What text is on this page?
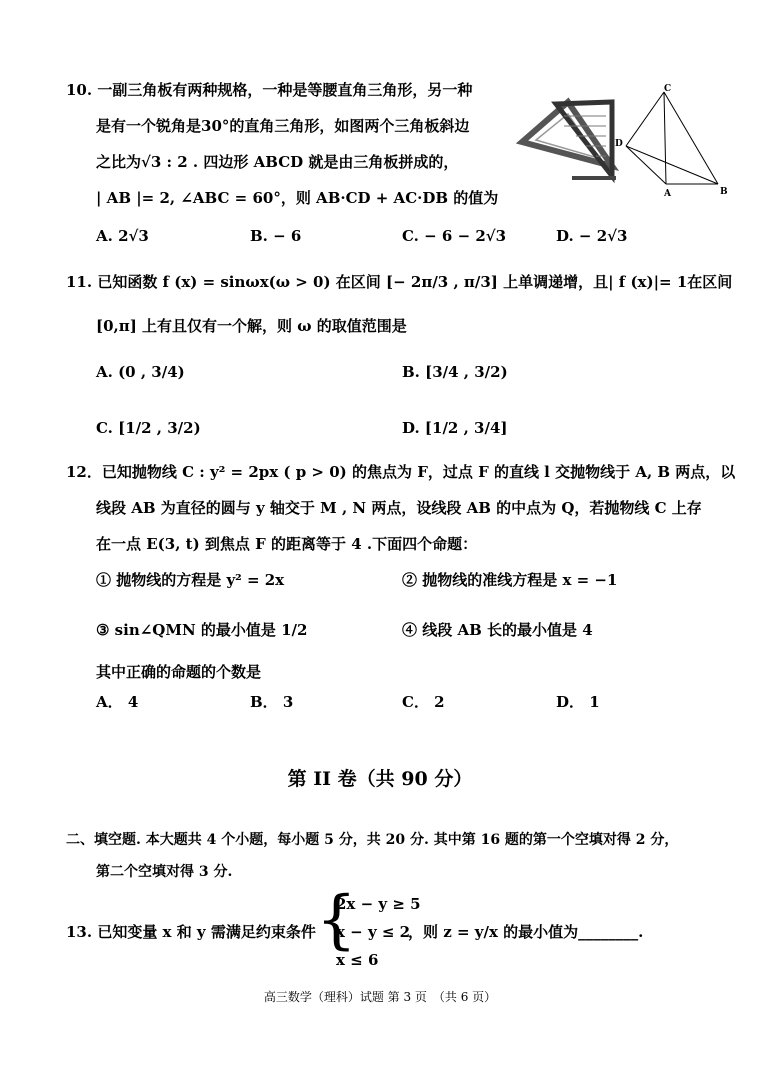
10. 一副三角板有两种规格，一种是等腰直角三角形，另一种
是有一个锐角是30°的直角三角形，如图两个三角板斜边
之比为√3 : 2 . 四边形 ABCD 就是由三角板拼成的，
| AB |= 2, ∠ABC = 60°，则 AB·CD + AC·DB 的值为
A. 2√3	B. − 6	C. − 6 − 2√3	D. − 2√3
C
D
A	B
11. 已知函数 f (x) = sinωx(ω > 0) 在区间 [− 2π/3 , π/3] 上单调递增，且| f (x)|= 1在区间
[0,π] 上有且仅有一个解，则 ω 的取值范围是
A. (0 , 3/4)	B. [3/4 , 3/2)
C. [1/2 , 3/2)	D. [1/2 , 3/4]
12．已知抛物线 C : y² = 2px ( p > 0) 的焦点为 F，过点 F 的直线 l 交抛物线于 A, B 两点，以
线段 AB 为直径的圆与 y 轴交于 M , N 两点，设线段 AB 的中点为 Q，若抛物线 C 上存
在一点 E(3, t) 到焦点 F 的距离等于 4 .下面四个命题：
① 抛物线的方程是 y² = 2x	② 抛物线的准线方程是 x = −1
③ sin∠QMN 的最小值是 1/2	④ 线段 AB 长的最小值是 4
其中正确的命题的个数是
A． 4	B． 3	C． 2	D． 1
第 II 卷（共 90 分）
二、填空题. 本大题共 4 个小题，每小题 5 分，共 20 分. 其中第 16 题的第一个空填对得 2 分，
第二个空填对得 3 分.
13. 已知变量 x 和 y 需满足约束条件 {
2x − y ≥ 5
x − y ≤ 2
x ≤ 6
，则 z = y/x 的最小值为________.
高三数学（理科）试题 第 3 页　（共 6 页）
